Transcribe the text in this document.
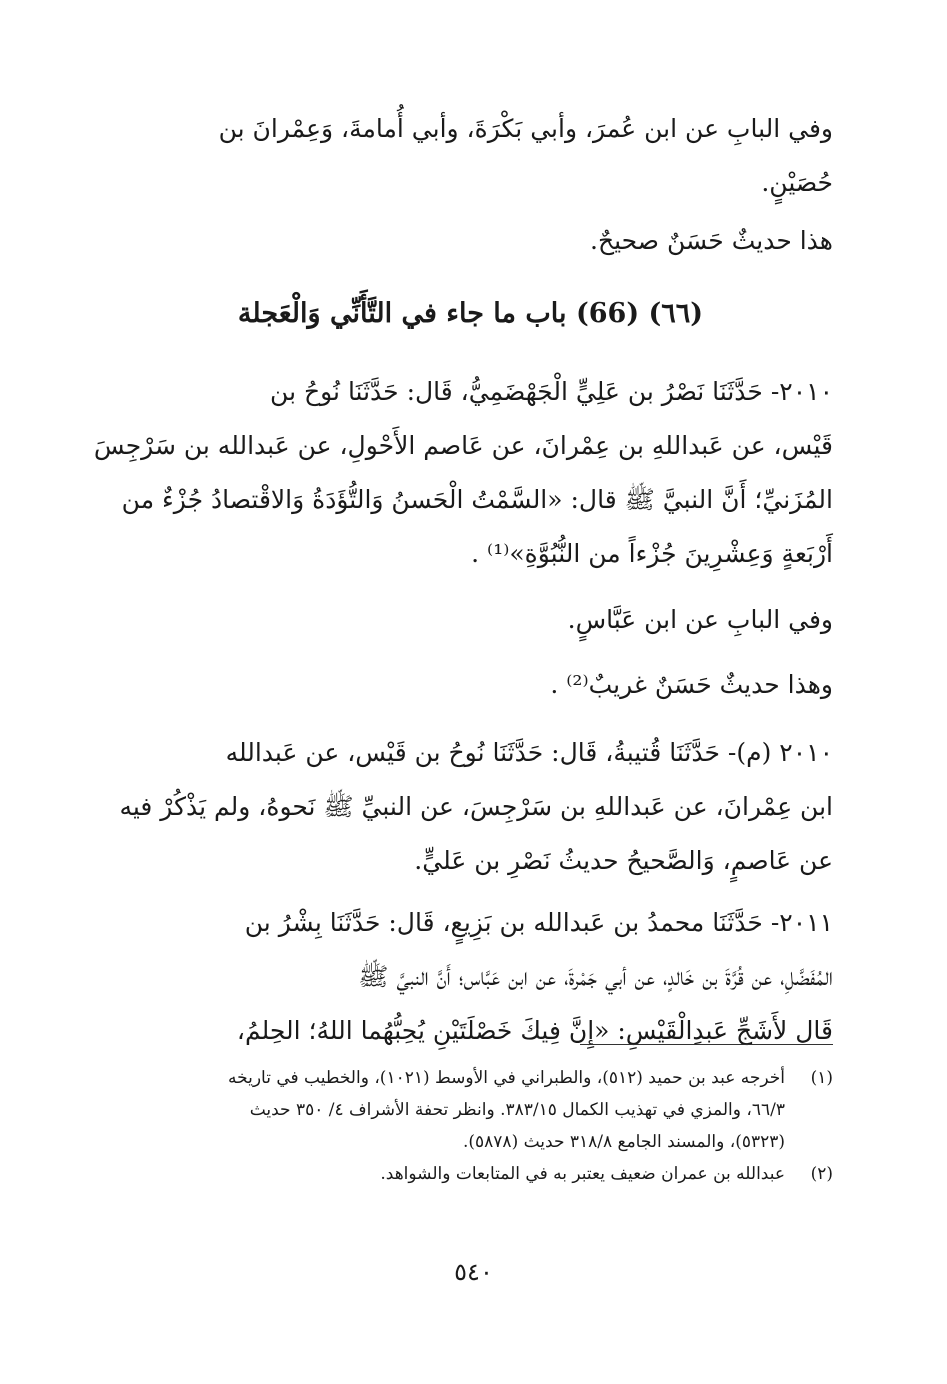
وفي البابِ عن ابن عُمرَ، وأبي بَكْرَةَ، وأبي أُمامةَ، وَعِمْرانَ بن
حُصَيْنٍ.
هذا حديثٌ حَسَنٌ صحيحٌ.
(٦٦) (66) باب ما جاء في التَّأَنِّي وَالْعَجلة
٢٠١٠- حَدَّثَنَا نَصْرُ بن عَلِيٍّ الْجَهْضَمِيُّ، قَال: حَدَّثَنَا نُوحُ بن
قَيْس، عن عَبداللهِ بن عِمْرانَ، عن عَاصم الأَحْولِ، عن عَبدالله بن سَرْجِسَ
المُزَنيِّ؛ أَنَّ النبيَّ ﷺ قال: «السَّمْتُ الْحَسنُ وَالتُّؤَدَةُ وَالاقْتصادُ جُزْءٌ من
أَرْبَعةٍ وَعِشْرِينَ جُزْءاً من النُّبُوَّةِ»⁽¹⁾ .
وفي البابِ عن ابن عَبَّاسٍ.
وهذا حديثٌ حَسَنٌ غريبٌ⁽²⁾ .
٢٠١٠ (م)- حَدَّثَنَا قُتيبةُ، قَال: حَدَّثَنَا نُوحُ بن قَيْس، عن عَبدالله
ابن عِمْرانَ، عن عَبداللهِ بن سَرْجِسَ، عن النبيِّ ﷺ نَحوهُ، ولم يَذْكُرْ فيه
عن عَاصمٍ، وَالصَّحيحُ حديثُ نَصْرِ بن عَليٍّ.
٢٠١١- حَدَّثَنَا محمدُ بن عَبدالله بن بَزِيعٍ، قَال: حَدَّثَنَا بِشْرُ بن
المُفَضَّلِ، عن قُرَّةَ بن خَالدٍ، عن أبي جَمْرةَ، عن ابن عَبَّاس؛ أَنَّ النبيَّ ﷺ
قَال لأَشَجِّ عَبدِالْقَيْسِ: «إِنَّ فِيكَ خَصْلَتَيْنِ يُحِبُّهُما اللهُ؛ الحِلمُ،
(١)
أخرجه عبد بن حميد (٥١٢)، والطبراني في الأوسط (١٠٢١)، والخطيب في تاريخه
٦٦/٣، والمزي في تهذيب الكمال ٣٨٣/١٥. وانظر تحفة الأشراف ٤/ ٣٥٠ حديث
(٥٣٢٣)، والمسند الجامع ٣١٨/٨ حديث (٥٨٧٨).
(٢)
عبدالله بن عمران ضعيف يعتبر به في المتابعات والشواهد.
٥٤٠
